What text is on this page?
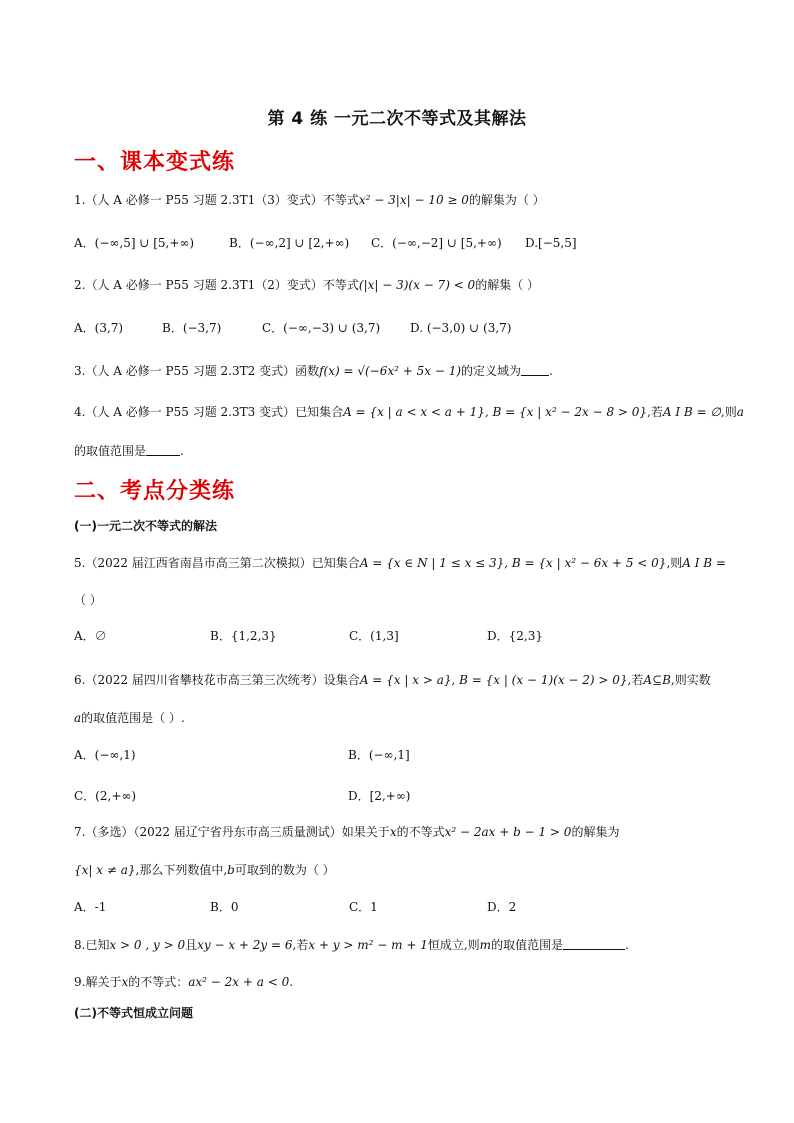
第 4 练 一元二次不等式及其解法
一、课本变式练
1.（人 A 必修一 P55 习题 2.3T1（3）变式）不等式x² − 3|x| − 10 ≥ 0的解集为（ ）
A．(−∞,5] ∪ [5,+∞)	B．(−∞,2] ∪ [2,+∞) C．(−∞,−2] ∪ [5,+∞) D.[−5,5]
2.（人 A 必修一 P55 习题 2.3T1（2）变式）不等式(|x| − 3)(x − 7) < 0的解集（ ）
A．(3,7)	B．(−3,7)	C．(−∞,−3) ∪ (3,7) D. (−3,0) ∪ (3,7)
3.（人 A 必修一 P55 习题 2.3T2 变式）函数f(x) = √(−6x² + 5x − 1)的定义域为 .
4.（人 A 必修一 P55 习题 2.3T3 变式）已知集合A = {x | a < x < a + 1}, B = {x | x² − 2x − 8 > 0},若A I B = ∅,则a
的取值范围是	.
二、考点分类练
(一)一元二次不等式的解法
5.（2022 届江西省南昌市高三第二次模拟）已知集合A = {x ∈ N | 1 ≤ x ≤ 3}, B = {x | x² − 6x + 5 < 0},则A I B =
（ ）
A．∅	B．{1,2,3}	C．(1,3]	D．{2,3}
6.（2022 届四川省攀枝花市高三第三次统考）设集合A = {x | x > a}, B = {x | (x − 1)(x − 2) > 0},若A⊆B,则实数
a的取值范围是（ ）.
A．(−∞,1)	B．(−∞,1]
C．(2,+∞)	D．[2,+∞)
7.（多选）（2022 届辽宁省丹东市高三质量测试）如果关于x的不等式x² − 2ax + b − 1 > 0的解集为
{x| x ≠ a},那么下列数值中,b可取到的数为（ ）
A．-1	B．0	C．1	D．2
8.已知x > 0 , y > 0且xy − x + 2y = 6,若x + y > m² − m + 1恒成立,则m的取值范围是	.
9.解关于x的不等式：ax² − 2x + a < 0.
(二)不等式恒成立问题
